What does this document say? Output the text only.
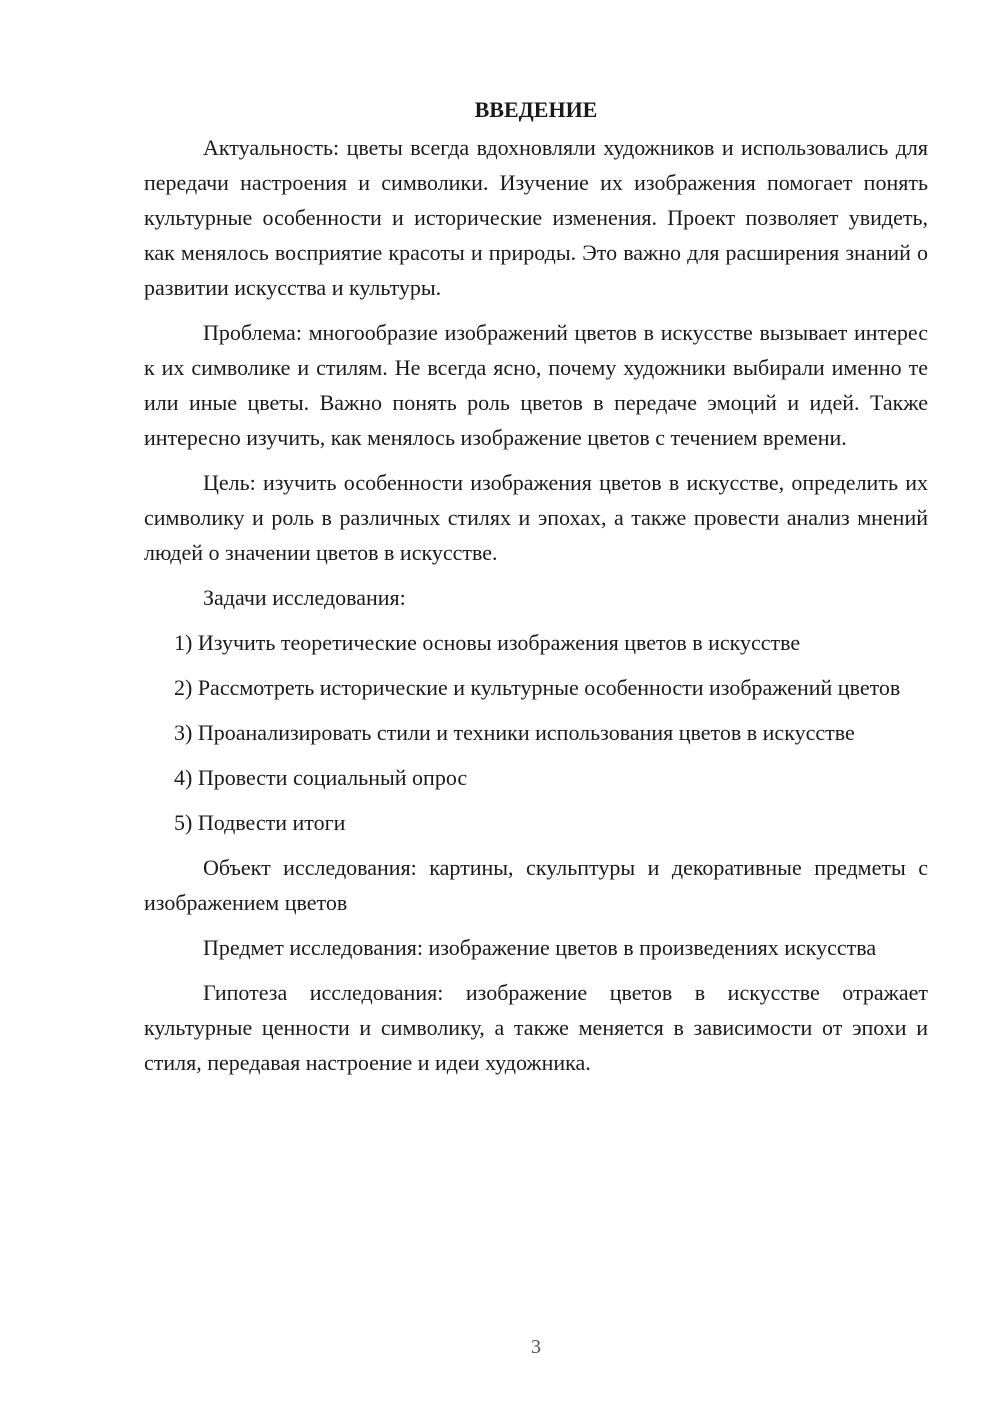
ВВЕДЕНИЕ

Актуальность: цветы всегда вдохновляли художников и использовались для передачи настроения и символики. Изучение их изображения помогает понять культурные особенности и исторические изменения. Проект позволяет увидеть, как менялось восприятие красоты и природы. Это важно для расширения знаний о развитии искусства и культуры.

Проблема: многообразие изображений цветов в искусстве вызывает интерес к их символике и стилям. Не всегда ясно, почему художники выбирали именно те или иные цветы. Важно понять роль цветов в передаче эмоций и идей. Также интересно изучить, как менялось изображение цветов с течением времени.

Цель: изучить особенности изображения цветов в искусстве, определить их символику и роль в различных стилях и эпохах, а также провести анализ мнений людей о значении цветов в искусстве.

Задачи исследования:

1) Изучить теоретические основы изображения цветов в искусстве

2) Рассмотреть исторические и культурные особенности изображений цветов

3) Проанализировать стили и техники использования цветов в искусстве

4) Провести социальный опрос

5) Подвести итоги

Объект исследования: картины, скульптуры и декоративные предметы с изображением цветов

Предмет исследования: изображение цветов в произведениях искусства

Гипотеза исследования: изображение цветов в искусстве отражает культурные ценности и символику, а также меняется в зависимости от эпохи и стиля, передавая настроение и идеи художника.

3
